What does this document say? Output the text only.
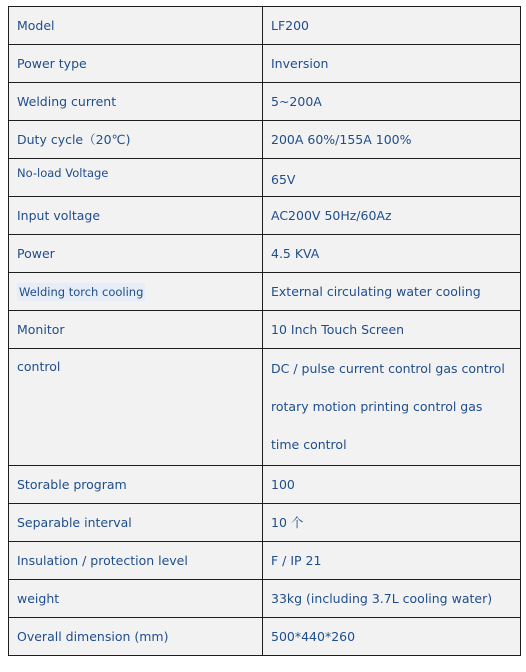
Model	LF200
Power type	Inversion
Welding current	5~200A
Duty cycle（20℃)	200A 60%/155A 100%
No-load Voltage	65V
Input voltage	AC200V 50Hz/60Az
Power	4.5 KVA
Welding torch cooling	External circulating water cooling
Monitor	10 Inch Touch Screen
control	DC / pulse current control gas control rotary motion printing control gas time control
Storable program	100
Separable interval	10 个
Insulation / protection level	F / IP 21
weight	33kg (including 3.7L cooling water)
Overall dimension (mm)	500*440*260
